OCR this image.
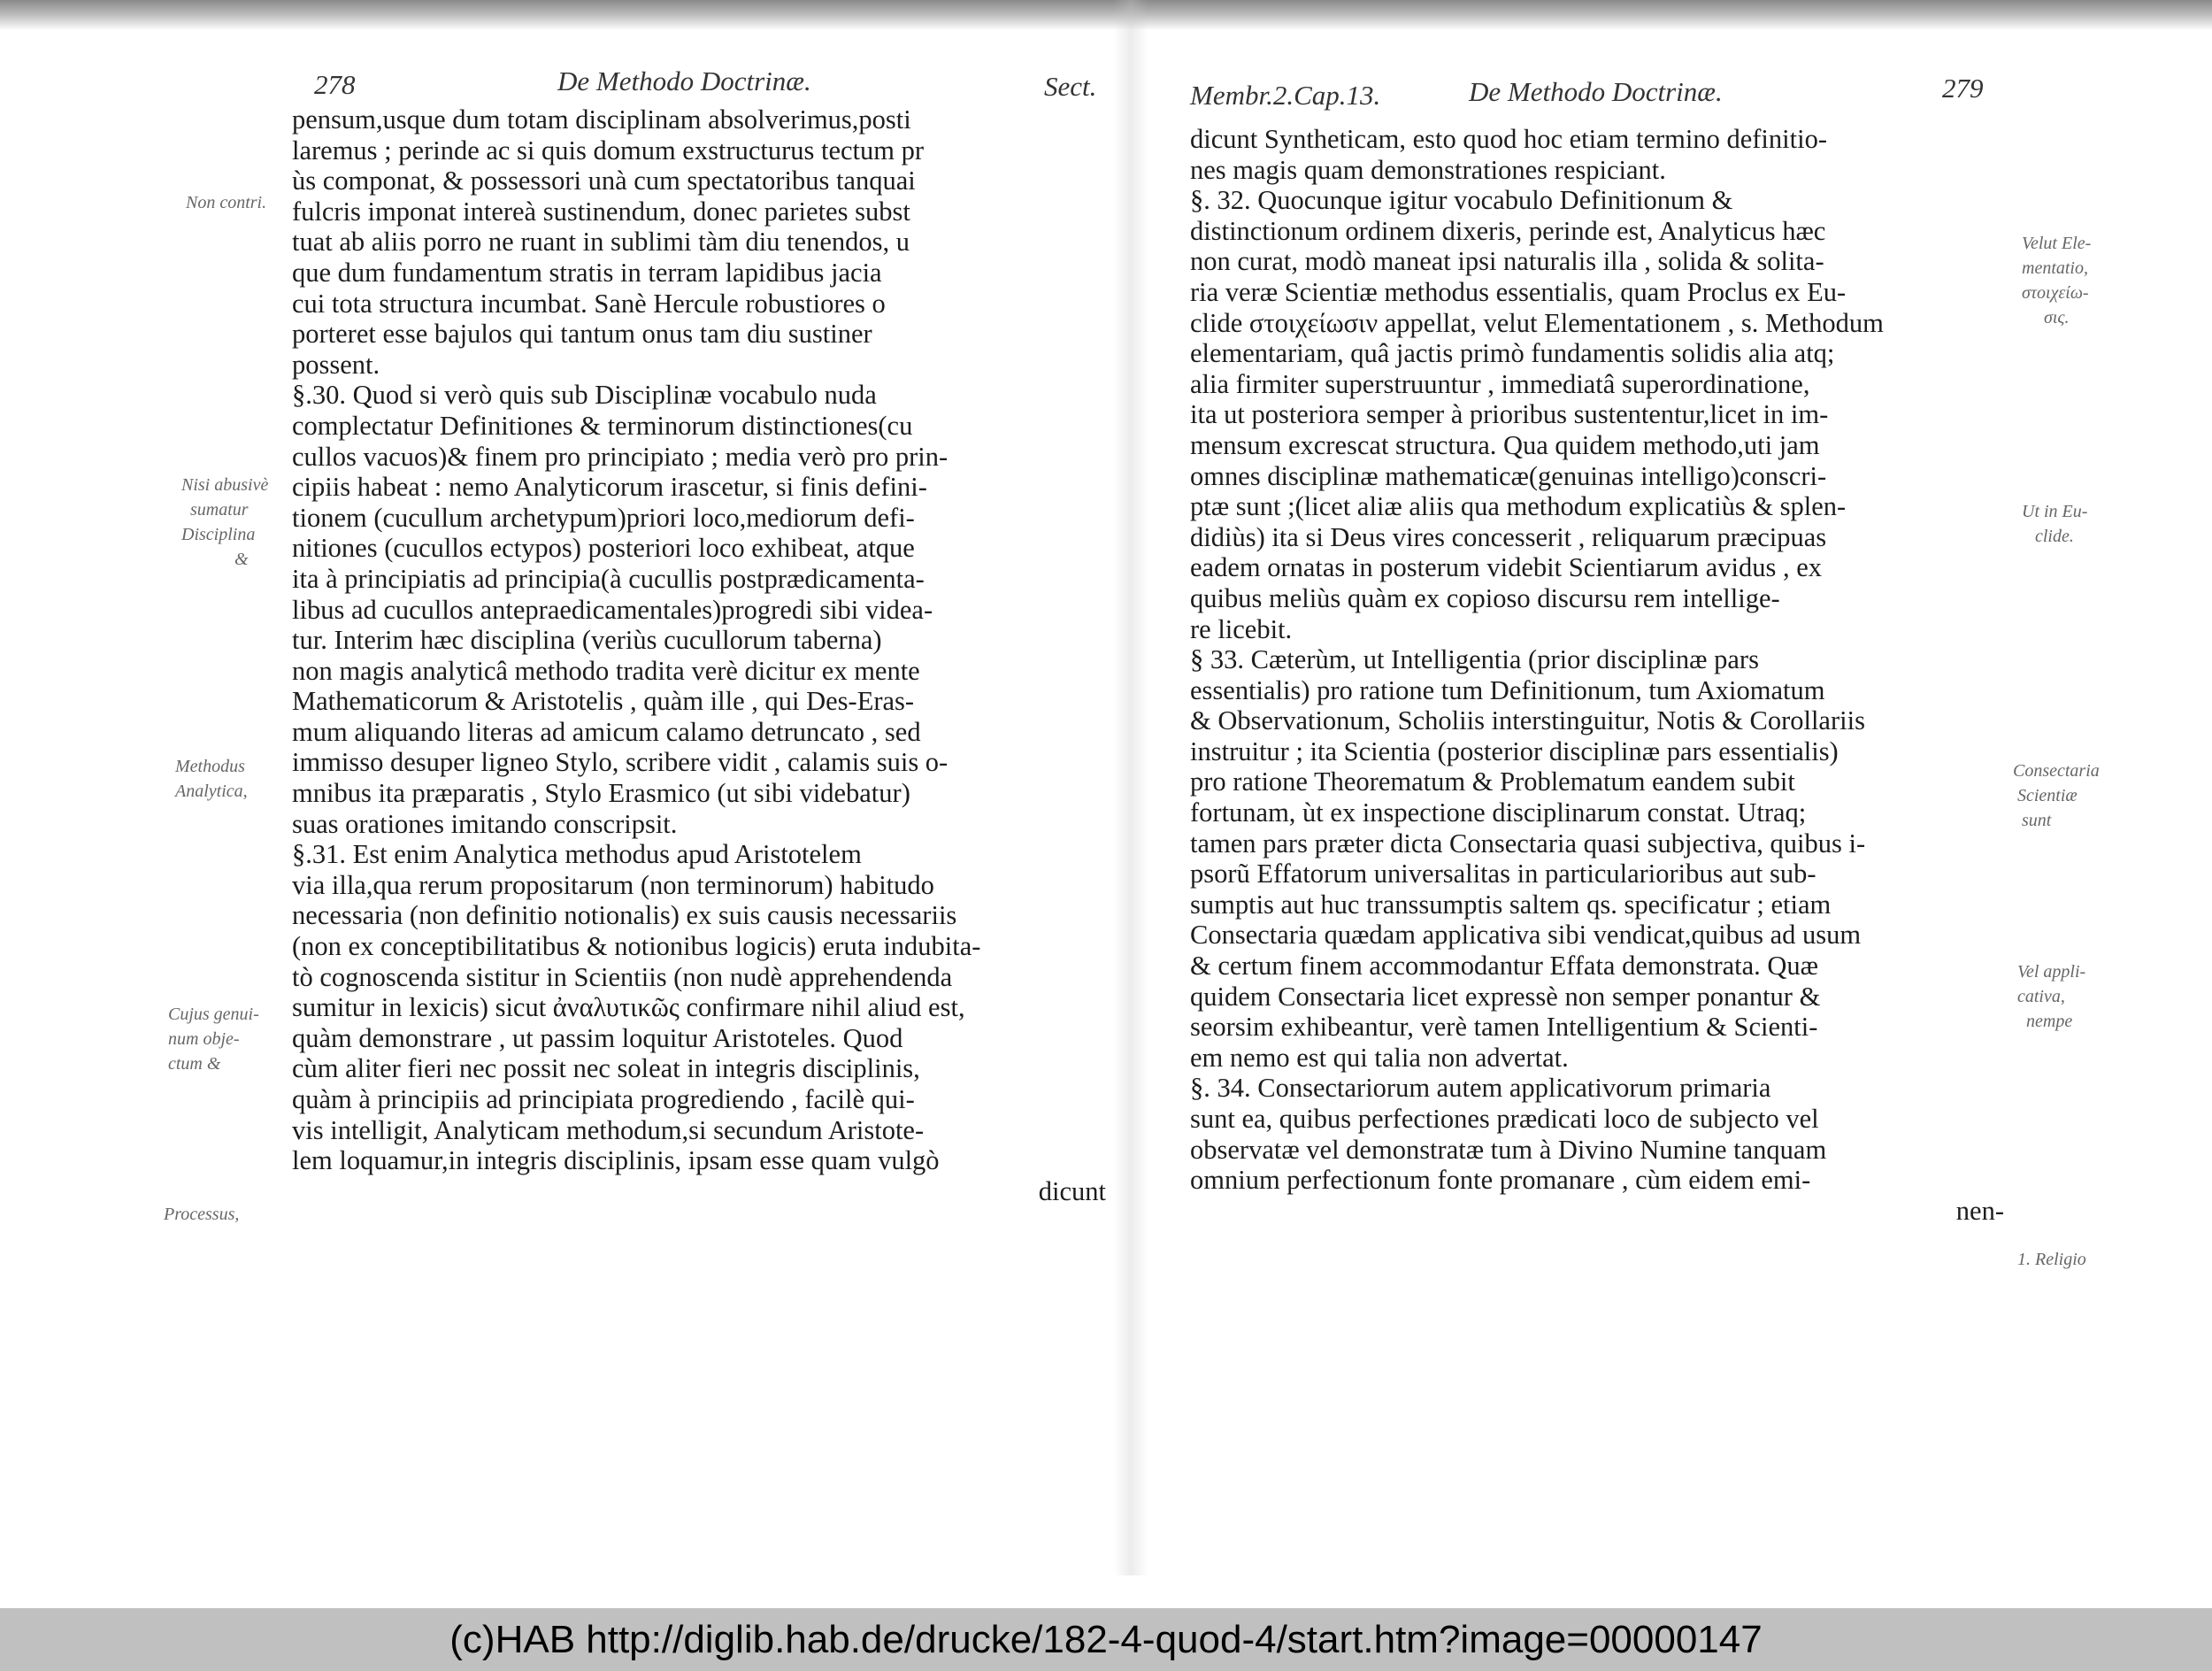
278	De Methodo Doctrinæ.	Sect.	Membr.2.Cap.13.	De Methodo Doctrinæ.	279
pensum,usque dum totam disciplinam absolverimus,posti
laremus ; perinde ac si quis domum exstructurus tectum pr
ùs componat, & possessori unà cum spectatoribus tanquai
fulcris imponat intereà sustinendum, donec parietes subst
tuat ab aliis porro ne ruant in sublimi tàm diu tenendos, u
que dum fundamentum stratis in terram lapidibus jacia
cui tota structura incumbat. Sanè Hercule robustiores o
porteret esse bajulos qui tantum onus tam diu sustiner
possent.
§.30. Quod si verò quis sub Disciplinæ vocabulo nuda
complectatur Definitiones & terminorum distinctiones(cu
cullos vacuos)& finem pro principiato ; media verò pro prin-
cipiis habeat : nemo Analyticorum irascetur, si finis defini-
tionem (cucullum archetypum)priori loco,mediorum defi-
nitiones (cucullos ectypos) posteriori loco exhibeat, atque
ita à principiatis ad principia(à cucullis postprædicamenta-
libus ad cucullos antepraedicamentales)progredi sibi videa-
tur. Interim hæc disciplina (veriùs cucullorum taberna)
non magis analyticâ methodo tradita verè dicitur ex mente
Mathematicorum & Aristotelis , quàm ille , qui Des-Eras-
mum aliquando literas ad amicum calamo detruncato , sed
immisso desuper ligneo Stylo, scribere vidit , calamis suis o-
mnibus ita præparatis , Stylo Erasmico (ut sibi videbatur)
suas orationes imitando conscripsit.
§.31. Est enim Analytica methodus apud Aristotelem
via illa,qua rerum propositarum (non terminorum) habitudo
necessaria (non definitio notionalis) ex suis causis necessariis
(non ex conceptibilitatibus & notionibus logicis) eruta indubita-
tò cognoscenda sistitur in Scientiis (non nudè apprehendenda
sumitur in lexicis) sicut ἀναλυτικῶς confirmare nihil aliud est,
quàm demonstrare , ut passim loquitur Aristoteles. Quod
cùm aliter fieri nec possit nec soleat in integris disciplinis,
quàm à principiis ad principiata progrediendo , facilè qui-
vis intelligit, Analyticam methodum,si secundum Aristote-
lem loquamur,in integris disciplinis, ipsam esse quam vulgò
dicunt
Non contri.
Nisi abusivè
sumatur
Disciplina
&
Methodus
Analytica,
Cujus genui-
num obje-
ctum &
Processus,
dicunt Syntheticam, esto quod hoc etiam termino definitio-
nes magis quam demonstrationes respiciant.
§. 32. Quocunque igitur vocabulo Definitionum &
distinctionum ordinem dixeris, perinde est, Analyticus hæc
non curat, modò maneat ipsi naturalis illa , solida & solita-
ria veræ Scientiæ methodus essentialis, quam Proclus ex Eu-
clide στοιχείωσιν appellat, velut Elementationem , s. Methodum
elementariam, quâ jactis primò fundamentis solidis alia atq;
alia firmiter superstruuntur , immediatâ superordinatione,
ita ut posteriora semper à prioribus sustententur,licet in im-
mensum excrescat structura. Qua quidem methodo,uti jam
omnes disciplinæ mathematicæ(genuinas intelligo)conscri-
ptæ sunt ;(licet aliæ aliis qua methodum explicatiùs & splen-
didiùs) ita si Deus vires concesserit , reliquarum præcipuas
eadem ornatas in posterum videbit Scientiarum avidus , ex
quibus meliùs quàm ex copioso discursu rem intellige-
re licebit.
§ 33. Cæterùm, ut Intelligentia (prior disciplinæ pars
essentialis) pro ratione tum Definitionum, tum Axiomatum
& Observationum, Scholiis interstinguitur, Notis & Corollariis
instruitur ; ita Scientia (posterior disciplinæ pars essentialis)
pro ratione Theorematum & Problematum eandem subit
fortunam, ùt ex inspectione disciplinarum constat. Utraq;
tamen pars præter dicta Consectaria quasi subjectiva, quibus i-
psorũ Effatorum universalitas in particularioribus aut sub-
sumptis aut huc transsumptis saltem qs. specificatur ; etiam
Consectaria quædam applicativa sibi vendicat,quibus ad usum
& certum finem accommodantur Effata demonstrata. Quæ
quidem Consectaria licet expressè non semper ponantur &
seorsim exhibeantur, verè tamen Intelligentium & Scienti-
em nemo est qui talia non advertat.
§. 34. Consectariorum autem applicativorum primaria
sunt ea, quibus perfectiones prædicati loco de subjecto vel
observatæ vel demonstratæ tum à Divino Numine tanquam
omnium perfectionum fonte promanare , cùm eidem emi-
nen-
Velut Ele-
mentatio,
στοιχείω-
σις.
Ut in Eu-
clide.
Consectaria
Scientiæ
sunt
Vel appli-
cativa,
nempe
1. Religio
(c)HAB http://diglib.hab.de/drucke/182-4-quod-4/start.htm?image=00000147
